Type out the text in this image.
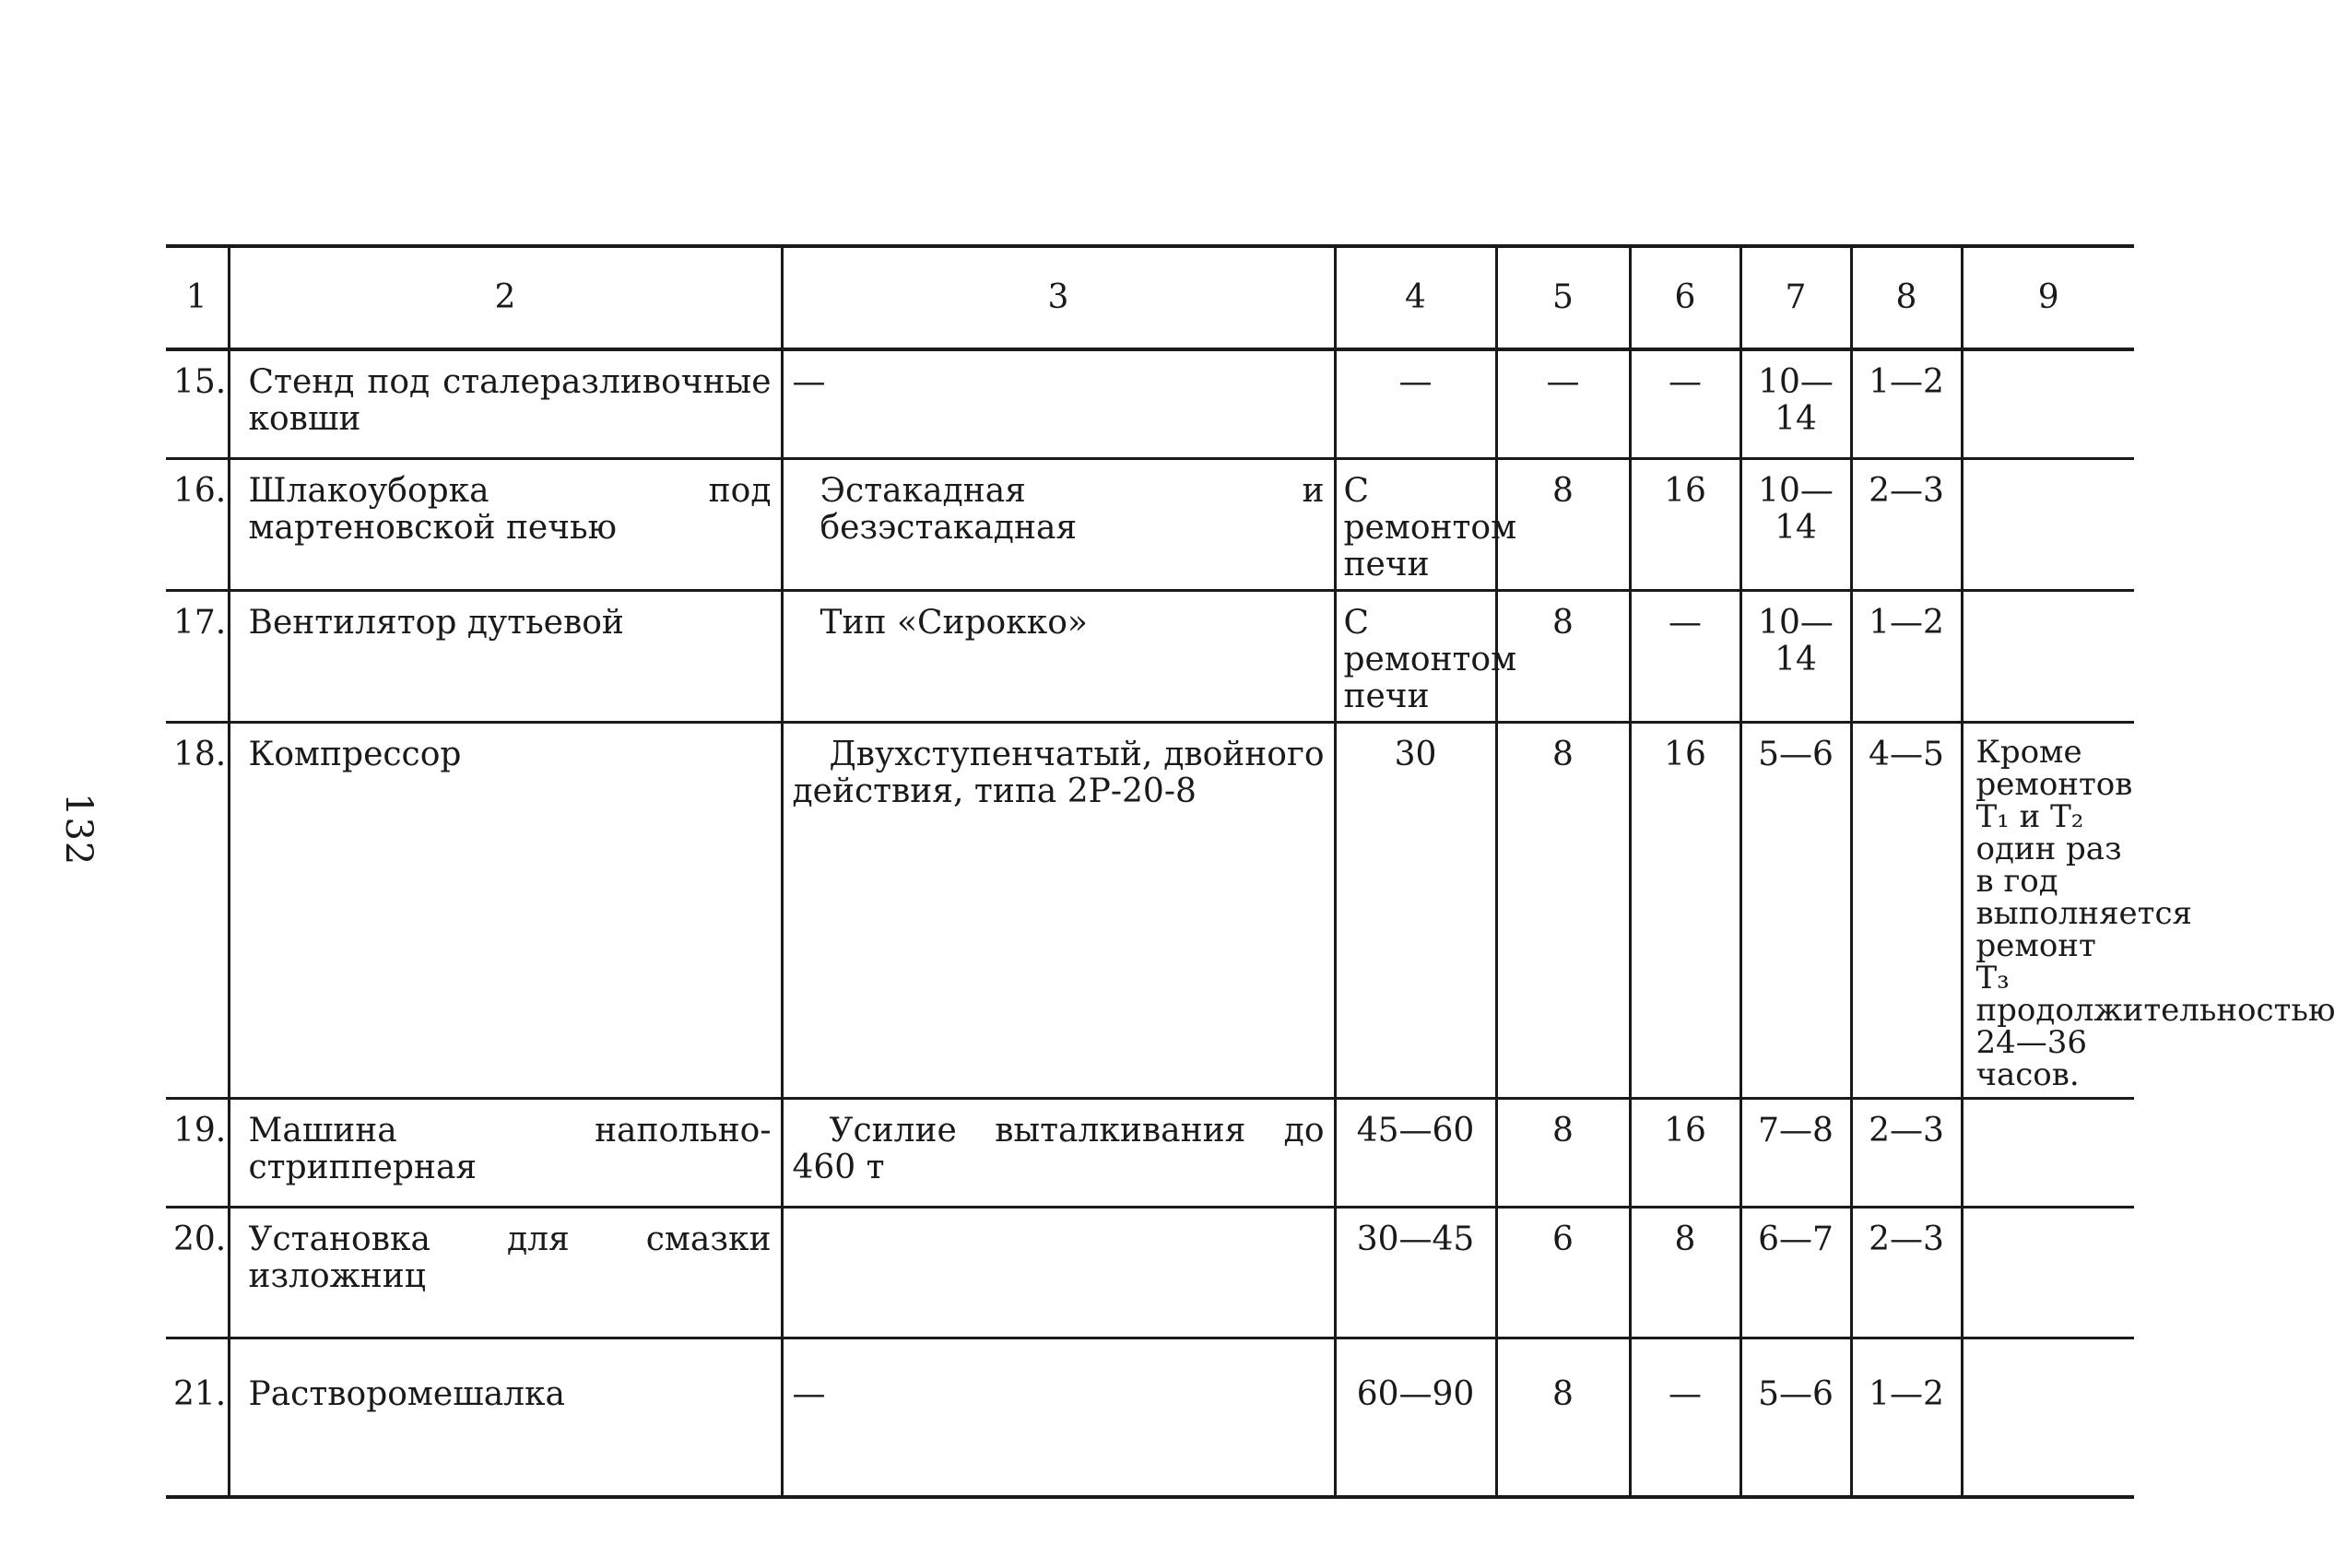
132
1	2	3	4	5	6	7	8	9
15.	Стенд под сталеразливочные ковши	—	—	—	—	10—14	1—2	
16.	Шлакоуборка под мартеновской печью	Эстакадная и безэстакадная	С ремонтом печи	8	16	10—14	2—3	
17.	Вентилятор дутьевой	Тип «Сирокко»	С ремонтом печи	8	—	10—14	1—2	
18.	Компрессор	Двухступенчатый, двойного действия, типа 2Р-20-8	30	8	16	5—6	4—5	Кроме ремонтов T₁ и T₂ один раз в год выполняется ремонт T₃ продолжительностью 24—36 часов.
19.	Машина напольно-стрипперная	Усилие выталкивания до 460 т	45—60	8	16	7—8	2—3	
20.	Установка для смазки изложниц		30—45	6	8	6—7	2—3	
21.	Растворомешалка	—	60—90	8	—	5—6	1—2	
